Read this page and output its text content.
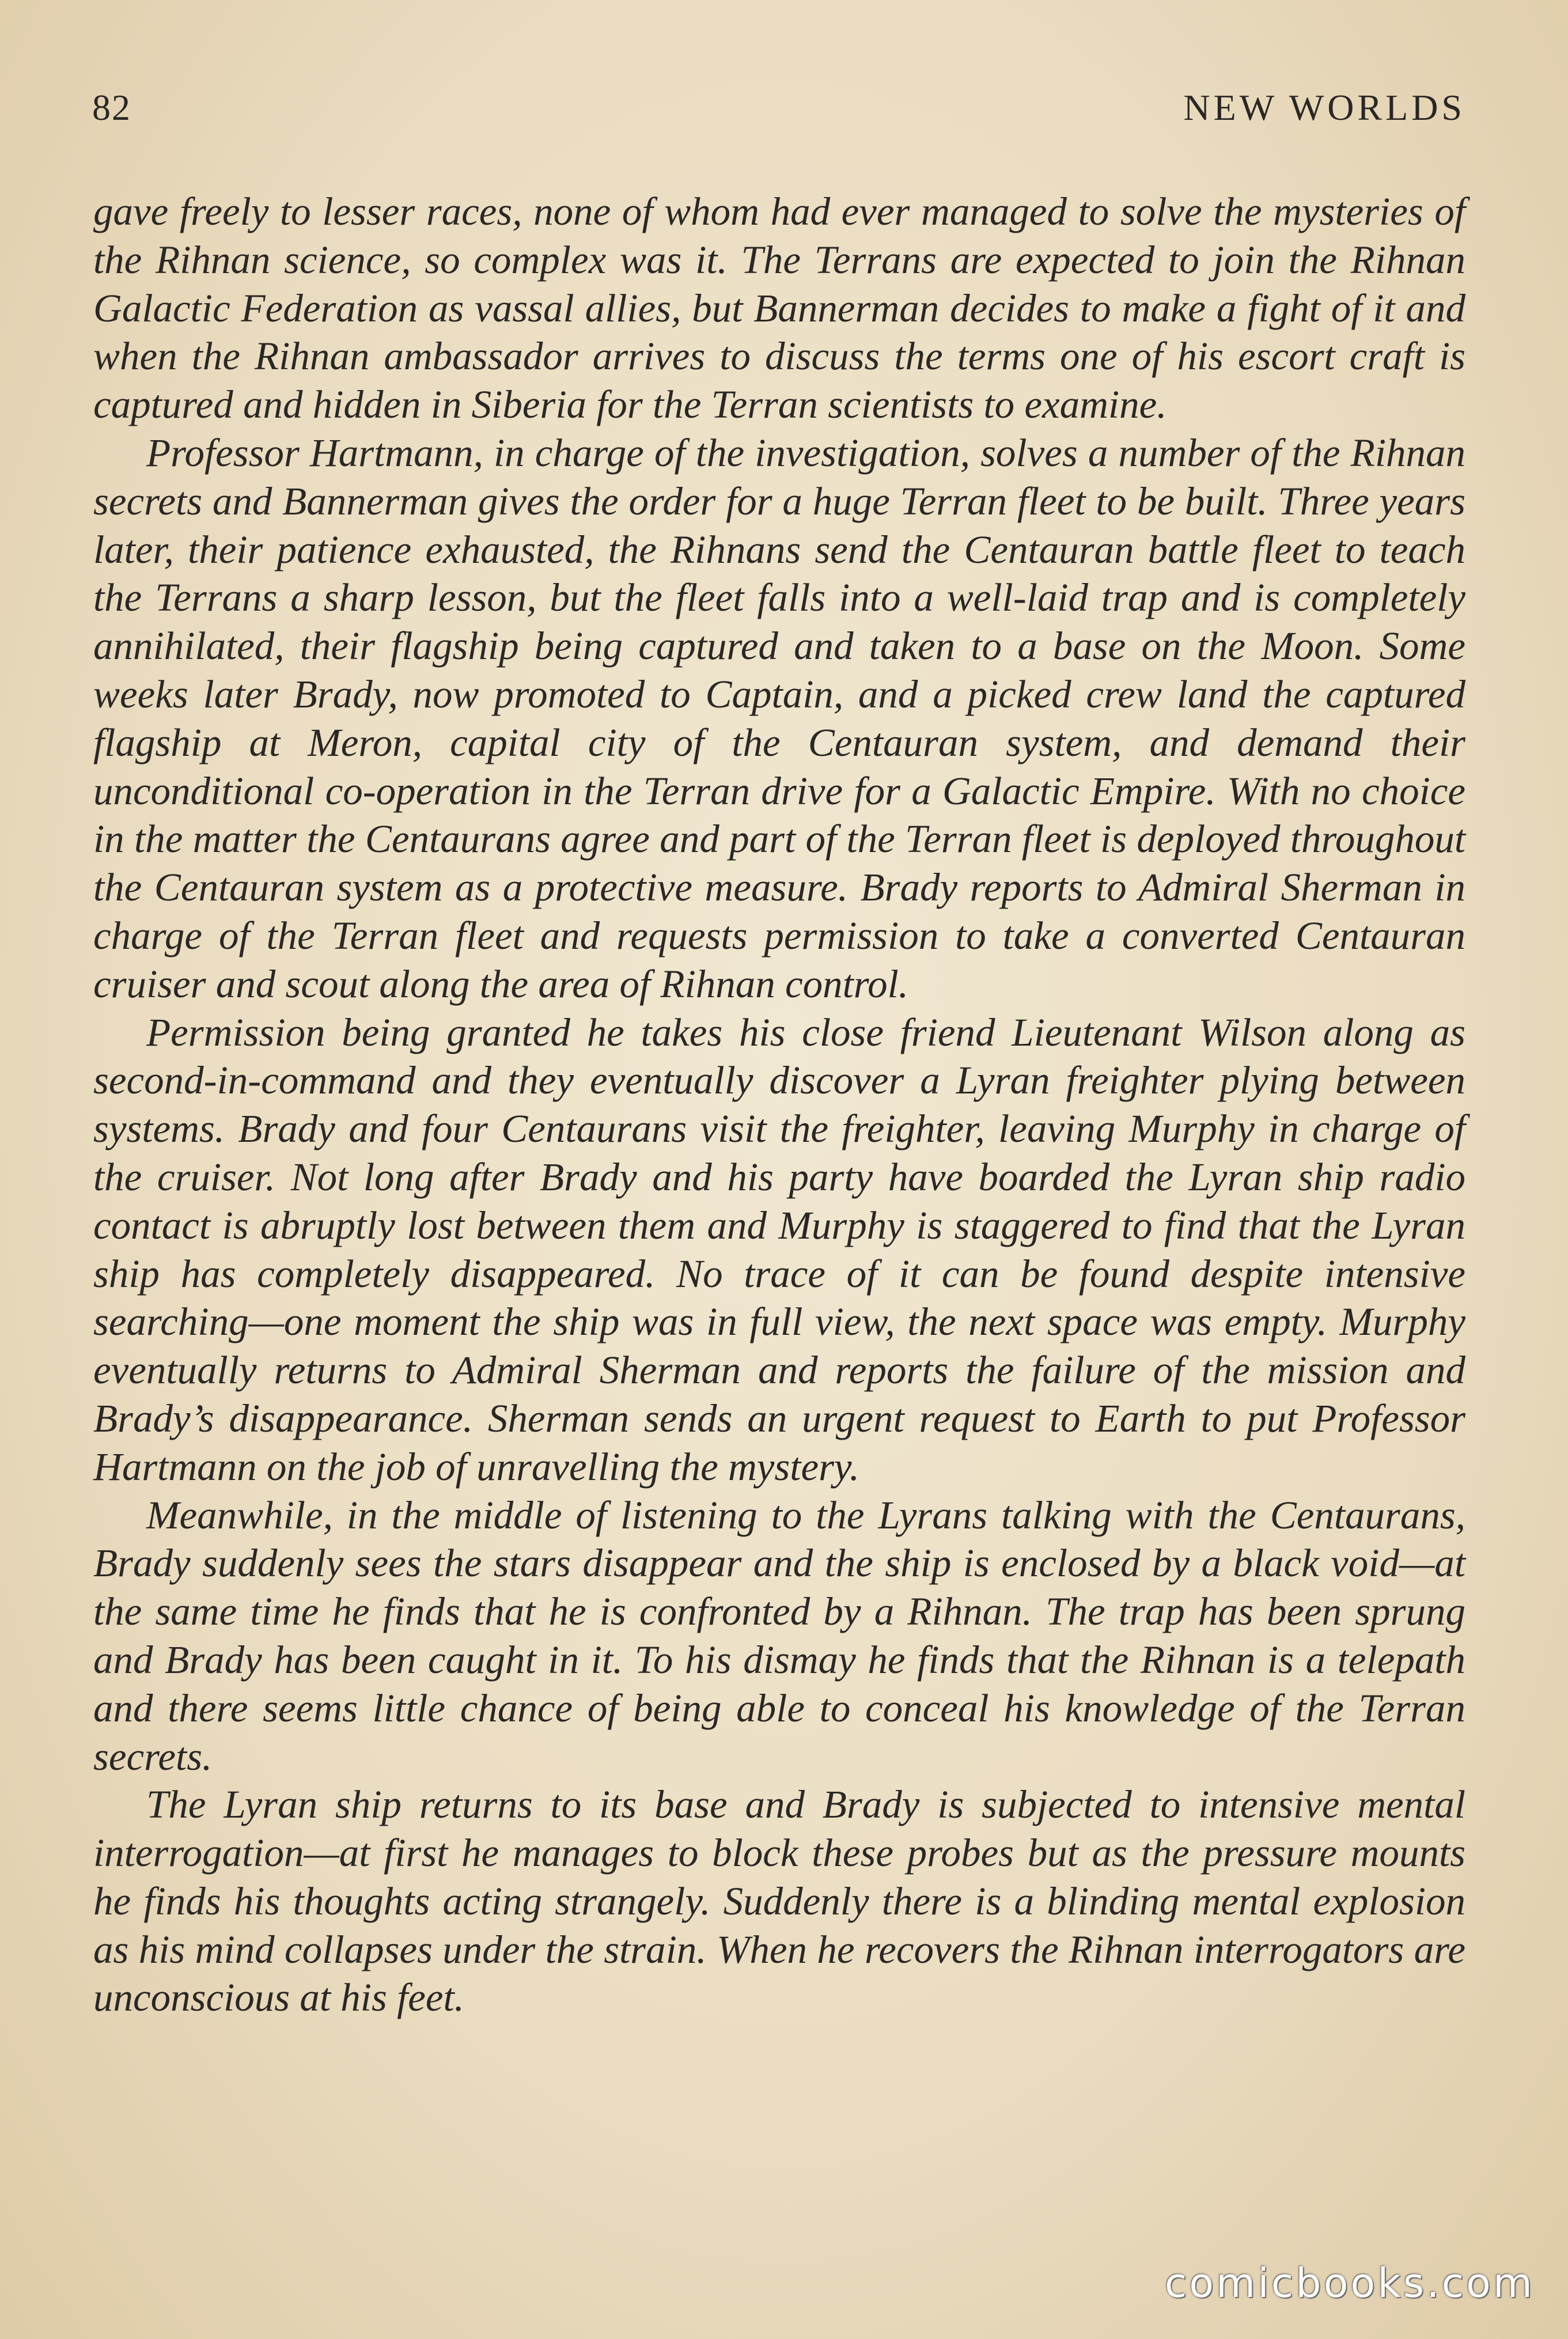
82	NEW WORLDS

gave freely to lesser races, none of whom had ever managed to solve the mysteries of the Rihnan science, so complex was it. The Terrans are expected to join the Rihnan Galactic Federation as vassal allies, but Bannerman decides to make a fight of it and when the Rihnan ambassador arrives to discuss the terms one of his escort craft is captured and hidden in Siberia for the Terran scientists to examine.

Professor Hartmann, in charge of the investigation, solves a number of the Rihnan secrets and Bannerman gives the order for a huge Terran fleet to be built. Three years later, their patience exhausted, the Rihnans send the Centauran battle fleet to teach the Terrans a sharp lesson, but the fleet falls into a well-laid trap and is completely annihilated, their flagship being captured and taken to a base on the Moon. Some weeks later Brady, now promoted to Captain, and a picked crew land the captured flagship at Meron, capital city of the Centauran system, and demand their unconditional co-operation in the Terran drive for a Galactic Empire. With no choice in the matter the Centaurans agree and part of the Terran fleet is deployed throughout the Centauran system as a protective measure. Brady reports to Admiral Sherman in charge of the Terran fleet and requests permission to take a converted Centauran cruiser and scout along the area of Rihnan control.

Permission being granted he takes his close friend Lieutenant Wilson along as second-in-command and they eventually discover a Lyran freighter plying between systems. Brady and four Centaurans visit the freighter, leaving Murphy in charge of the cruiser. Not long after Brady and his party have boarded the Lyran ship radio contact is abruptly lost between them and Murphy is staggered to find that the Lyran ship has completely disappeared. No trace of it can be found despite intensive searching—one moment the ship was in full view, the next space was empty. Murphy eventually returns to Admiral Sherman and reports the failure of the mission and Brady’s disappearance. Sherman sends an urgent request to Earth to put Professor Hartmann on the job of unravelling the mystery.

Meanwhile, in the middle of listening to the Lyrans talking with the Centaurans, Brady suddenly sees the stars disappear and the ship is enclosed by a black void—at the same time he finds that he is confronted by a Rihnan. The trap has been sprung and Brady has been caught in it. To his dismay he finds that the Rihnan is a telepath and there seems little chance of being able to conceal his knowledge of the Terran secrets.

The Lyran ship returns to its base and Brady is subjected to intensive mental interrogation—at first he manages to block these probes but as the pressure mounts he finds his thoughts acting strangely. Suddenly there is a blinding mental explosion as his mind collapses under the strain. When he recovers the Rihnan interrogators are unconscious at his feet.

comicbooks.com
